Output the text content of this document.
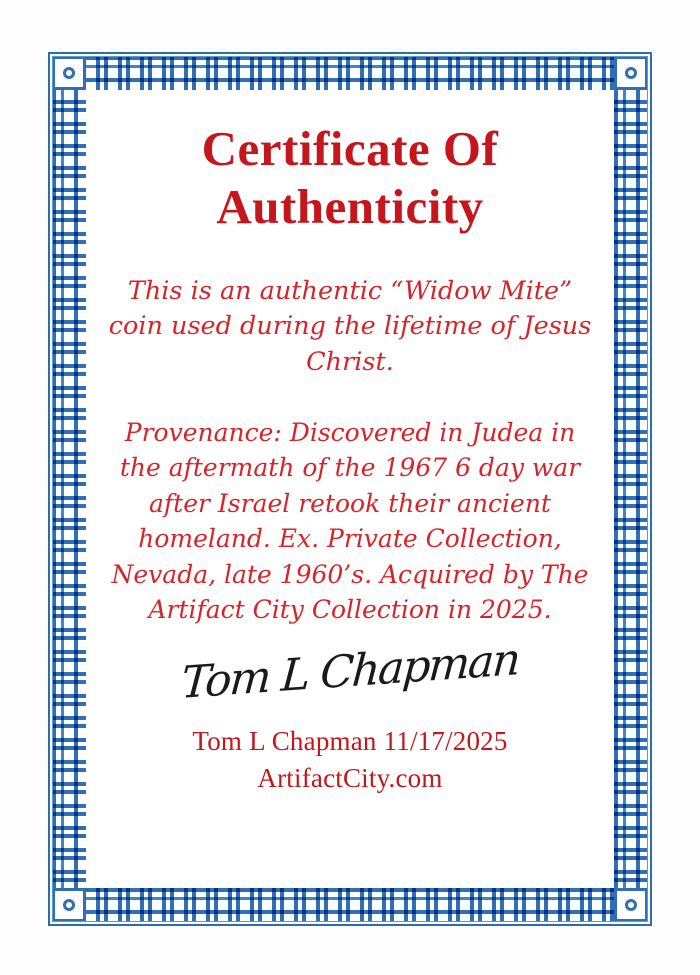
Certificate Of
Authenticity

This is an authentic “Widow Mite” coin used during the lifetime of Jesus Christ.

Provenance: Discovered in Judea in the aftermath of the 1967 6 day war after Israel retook their ancient homeland. Ex. Private Collection, Nevada, late 1960’s. Acquired by The Artifact City Collection in 2025.

Tom L Chapman
Tom L Chapman 11/17/2025
ArtifactCity.com
